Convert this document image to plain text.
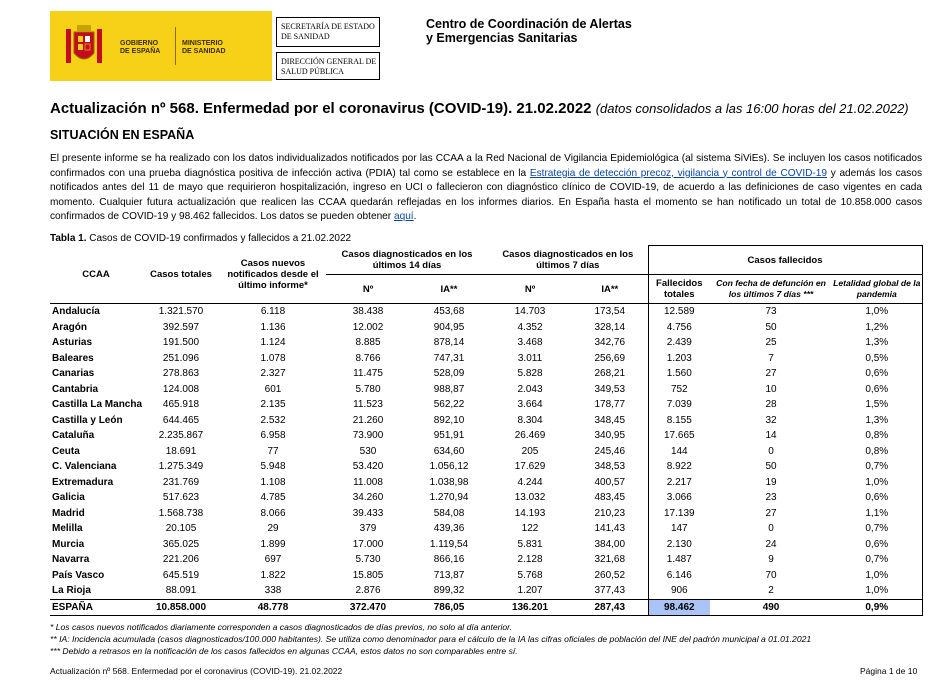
GOBIERNO
DE ESPAÑA
MINISTERIO
DE SANIDAD
SECRETARÍA DE ESTADO
DE SANIDAD
DIRECCIÓN GENERAL DE
SALUD PÚBLICA
Centro de Coordinación de Alertas
y Emergencias Sanitarias
Actualización nº 568. Enfermedad por el coronavirus (COVID-19). 21.02.2022 (datos consolidados a las 16:00 horas del 21.02.2022)
SITUACIÓN EN ESPAÑA
El presente informe se ha realizado con los datos individualizados notificados por las CCAA a la Red Nacional de Vigilancia Epidemiológica (al sistema SiViEs). Se incluyen los casos notificados confirmados con una prueba diagnóstica positiva de infección activa (PDIA) tal como se establece en la Estrategia de detección precoz, vigilancia y control de COVID-19 y además los casos notificados antes del 11 de mayo que requirieron hospitalización, ingreso en UCI o fallecieron con diagnóstico clínico de COVID-19, de acuerdo a las definiciones de caso vigentes en cada momento. Cualquier futura actualización que realicen las CCAA quedarán reflejadas en los informes diarios. En España hasta el momento se han notificado un total de 10.858.000 casos confirmados de COVID-19 y 98.462 fallecidos. Los datos se pueden obtener aquí.
Tabla 1. Casos de COVID-19 confirmados y fallecidos a 21.02.2022
CCAA	Casos totales	Casos nuevos notificados desde el último informe*	Casos diagnosticados en los últimos 14 días		Casos diagnosticados en los últimos 7 días		Casos fallecidos		
			Nº	IA**	Nº	IA**	Fallecidos totales	Con fecha de defunción en los últimos 7 días ***	Letalidad global de la pandemia
Andalucía	1.321.570	6.118	38.438	453,68	14.703	173,54	12.589	73	1,0%
Aragón	392.597	1.136	12.002	904,95	4.352	328,14	4.756	50	1,2%
Asturias	191.500	1.124	8.885	878,14	3.468	342,76	2.439	25	1,3%
Baleares	251.096	1.078	8.766	747,31	3.011	256,69	1.203	7	0,5%
Canarias	278.863	2.327	11.475	528,09	5.828	268,21	1.560	27	0,6%
Cantabria	124.008	601	5.780	988,87	2.043	349,53	752	10	0,6%
Castilla La Mancha	465.918	2.135	11.523	562,22	3.664	178,77	7.039	28	1,5%
Castilla y León	644.465	2.532	21.260	892,10	8.304	348,45	8.155	32	1,3%
Cataluña	2.235.867	6.958	73.900	951,91	26.469	340,95	17.665	14	0,8%
Ceuta	18.691	77	530	634,60	205	245,46	144	0	0,8%
C. Valenciana	1.275.349	5.948	53.420	1.056,12	17.629	348,53	8.922	50	0,7%
Extremadura	231.769	1.108	11.008	1.038,98	4.244	400,57	2.217	19	1,0%
Galicia	517.623	4.785	34.260	1.270,94	13.032	483,45	3.066	23	0,6%
Madrid	1.568.738	8.066	39.433	584,08	14.193	210,23	17.139	27	1,1%
Melilla	20.105	29	379	439,36	122	141,43	147	0	0,7%
Murcia	365.025	1.899	17.000	1.119,54	5.831	384,00	2.130	24	0,6%
Navarra	221.206	697	5.730	866,16	2.128	321,68	1.487	9	0,7%
País Vasco	645.519	1.822	15.805	713,87	5.768	260,52	6.146	70	1,0%
La Rioja	88.091	338	2.876	899,32	1.207	377,43	906	2	1,0%
ESPAÑA	10.858.000	48.778	372.470	786,05	136.201	287,43	98.462	490	0,9%
* Los casos nuevos notificados diariamente corresponden a casos diagnosticados de días previos, no solo al día anterior.
** IA: Incidencia acumulada (casos diagnosticados/100.000 habitantes). Se utiliza como denominador para el cálculo de la IA las cifras oficiales de población del INE del padrón municipal a 01.01.2021
*** Debido a retrasos en la notificación de los casos fallecidos en algunas CCAA, estos datos no son comparables entre sí.
Actualización nº 568. Enfermedad por el coronavirus (COVID-19). 21.02.2022	Página 1 de 10
